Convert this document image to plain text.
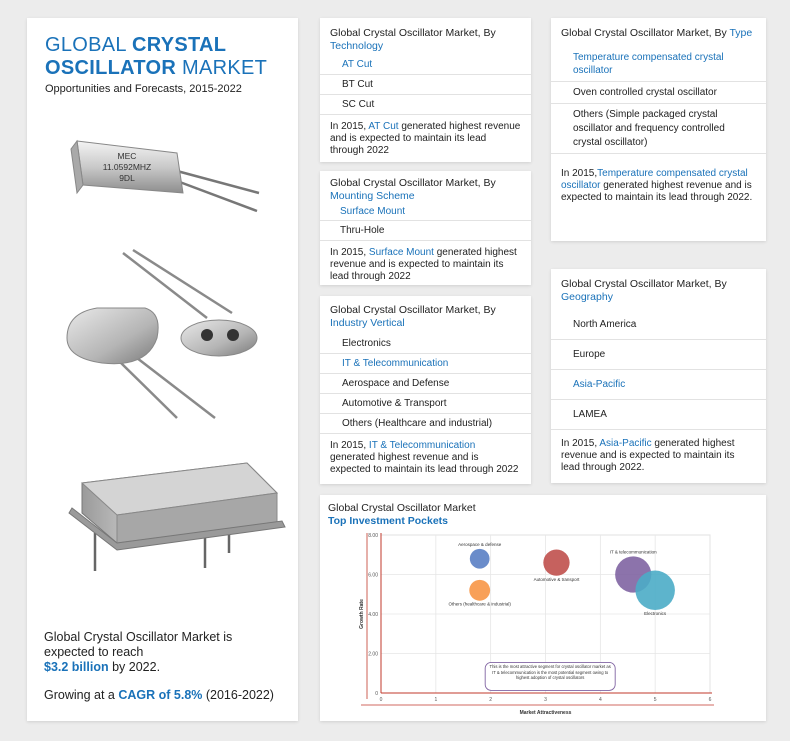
GLOBAL CRYSTAL
OSCILLATOR MARKET
Opportunities and Forecasts, 2015-2022
MEC
11.0592MHZ
9DL
Global Crystal Oscillator Market is expected to reach
$3.2 billion by 2022.
Growing at a CAGR of 5.8% (2016-2022)
Global Crystal Oscillator Market, By Technology
AT Cut
BT Cut
SC Cut
In 2015, AT Cut generated highest revenue and is expected to maintain its lead through 2022
Global Crystal Oscillator Market, By Mounting Scheme
Surface Mount
Thru-Hole
In 2015, Surface Mount generated highest revenue and is expected to maintain its lead through 2022
Global Crystal Oscillator Market, By Industry Vertical
Electronics
IT & Telecommunication
Aerospace and Defense
Automotive & Transport
Others (Healthcare and industrial)
In 2015, IT & Telecommunication generated highest revenue and is expected to maintain its lead through 2022
Global Crystal Oscillator Market, By Type
Temperature compensated crystal oscillator
Oven controlled crystal oscillator
Others (Simple packaged crystal oscillator and frequency controlled crystal oscillator)
In 2015,Temperature compensated crystal oscillator generated highest revenue and is expected to maintain its lead through 2022.
Global Crystal Oscillator Market, By Geography
North America
Europe
Asia-Pacific
LAMEA
In 2015, Asia-Pacific generated highest revenue and is expected to maintain its lead through 2022.
Global Crystal Oscillator Market
Top Investment Pockets
0	1	2	3	4	5	6
0
2.00
4.00
6.00
8.00
Market Attractiveness
Growth Rate
Aerospace & defense
Automotive & transport
Others (healthcare & industrial)
IT & telecommunication
Electronics
This is the most attractive segment for crystal oscillator market as IT & telecommunication is the most potential segment owing to highest adoption of crystal oscillators
